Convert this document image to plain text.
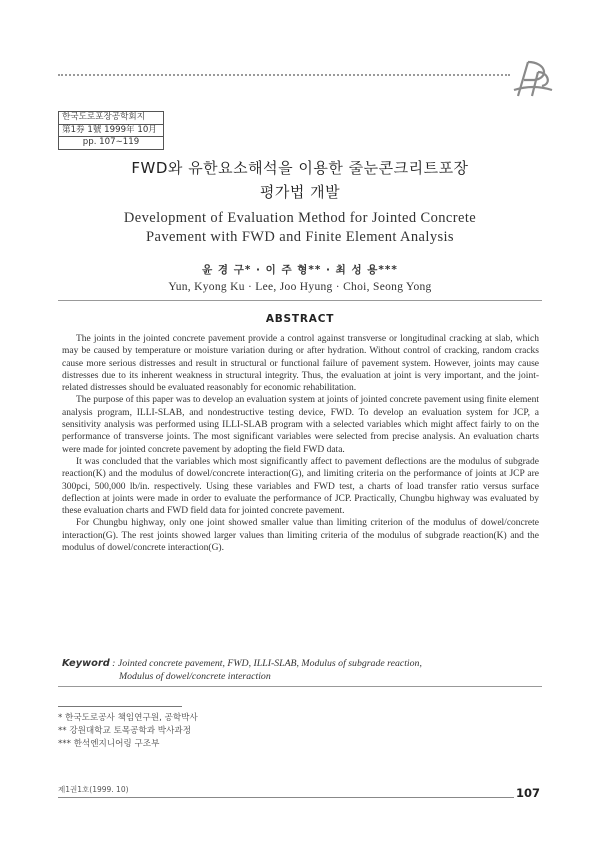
한국도로포장공학회지
第1券 1號 1999年 10月
pp. 107∼119
FWD와 유한요소해석을 이용한 줄눈콘크리트포장
평가법 개발
Development of Evaluation Method for Jointed Concrete
Pavement with FWD and Finite Element Analysis
윤 경 구* · 이 주 형** · 최 성 용***
Yun, Kyong Ku · Lee, Joo Hyung · Choi, Seong Yong
ABSTRACT

The joints in the jointed concrete pavement provide a control against transverse or longitudinal cracking at slab, which may be caused by temperature or moisture variation during or after hydration. Without control of cracking, random cracks cause more serious distresses and result in structural or functional failure of pavement system. However, joints may cause distresses due to its inherent weakness in structural integrity. Thus, the evaluation at joint is very important, and the joint-related distresses should be evaluated reasonably for economic rehabilitation.

The purpose of this paper was to develop an evaluation system at joints of jointed concrete pavement using finite element analysis program, ILLI-SLAB, and nondestructive testing device, FWD. To develop an evaluation system for JCP, a sensitivity analysis was performed using ILLI-SLAB program with a selected variables which might affect fairly to on the performance of transverse joints. The most significant variables were selected from precise analysis. An evaluation charts were made for jointed concrete pavement by adopting the field FWD data.

It was concluded that the variables which most significantly affect to pavement deflections are the modulus of subgrade reaction(K) and the modulus of dowel/concrete interaction(G), and limiting criteria on the performance of joints at JCP are 300pci, 500,000 lb/in. respectively. Using these variables and FWD test, a charts of load transfer ratio versus surface deflection at joints were made in order to evaluate the performance of JCP. Practically, Chungbu highway was evaluated by these evaluation charts and FWD field data for jointed concrete pavement.

For Chungbu highway, only one joint showed smaller value than limiting criterion of the modulus of dowel/concrete interaction(G). The rest joints showed larger values than limiting criteria of the modulus of subgrade reaction(K) and the modulus of dowel/concrete interaction(G).

Keyword : Jointed concrete pavement, FWD, ILLI-SLAB, Modulus of subgrade reaction,
Modulus of dowel/concrete interaction
* 한국도로공사 책임연구원, 공학박사
** 강원대학교 토목공학과 박사과정
*** 한석엔지니어링 구조부
제1권1호(1999. 10)	107
